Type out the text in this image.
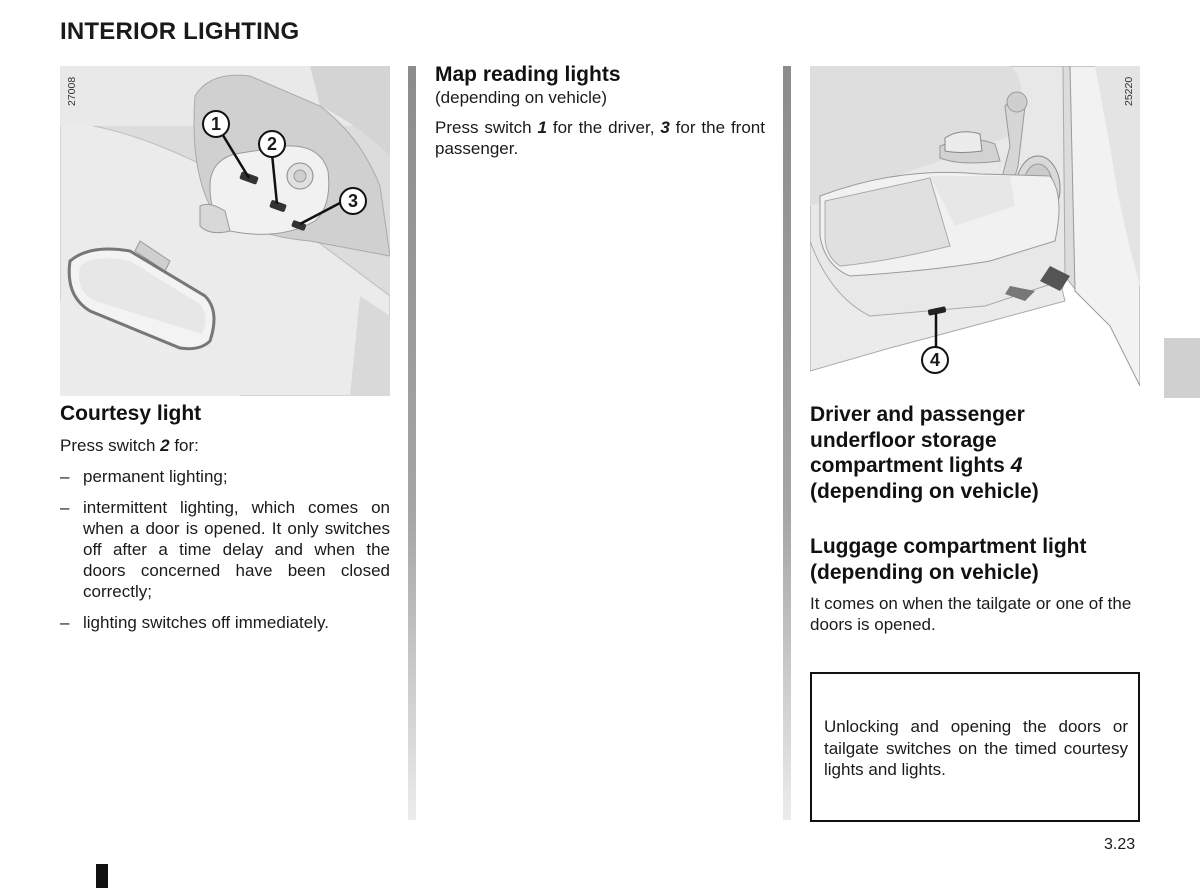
INTERIOR LIGHTING
27008
1
2
3
Courtesy light

Press switch 2 for:

– permanent lighting;
– intermittent lighting, which comes on when a door is opened. It only switches off after a time delay and when the doors concerned have been closed correctly;
– lighting switches off immediately.
Map reading lights
(depending on vehicle)

Press switch 1 for the driver, 3 for the front passenger.

25220
4
Driver and passenger
underfloor storage
compartment lights 4
(depending on vehicle)
Luggage compartment light
(depending on vehicle)

It comes on when the tailgate or one of the doors is opened.

Unlocking and opening the doors or tailgate switches on the timed courtesy lights and lights.
3.23
